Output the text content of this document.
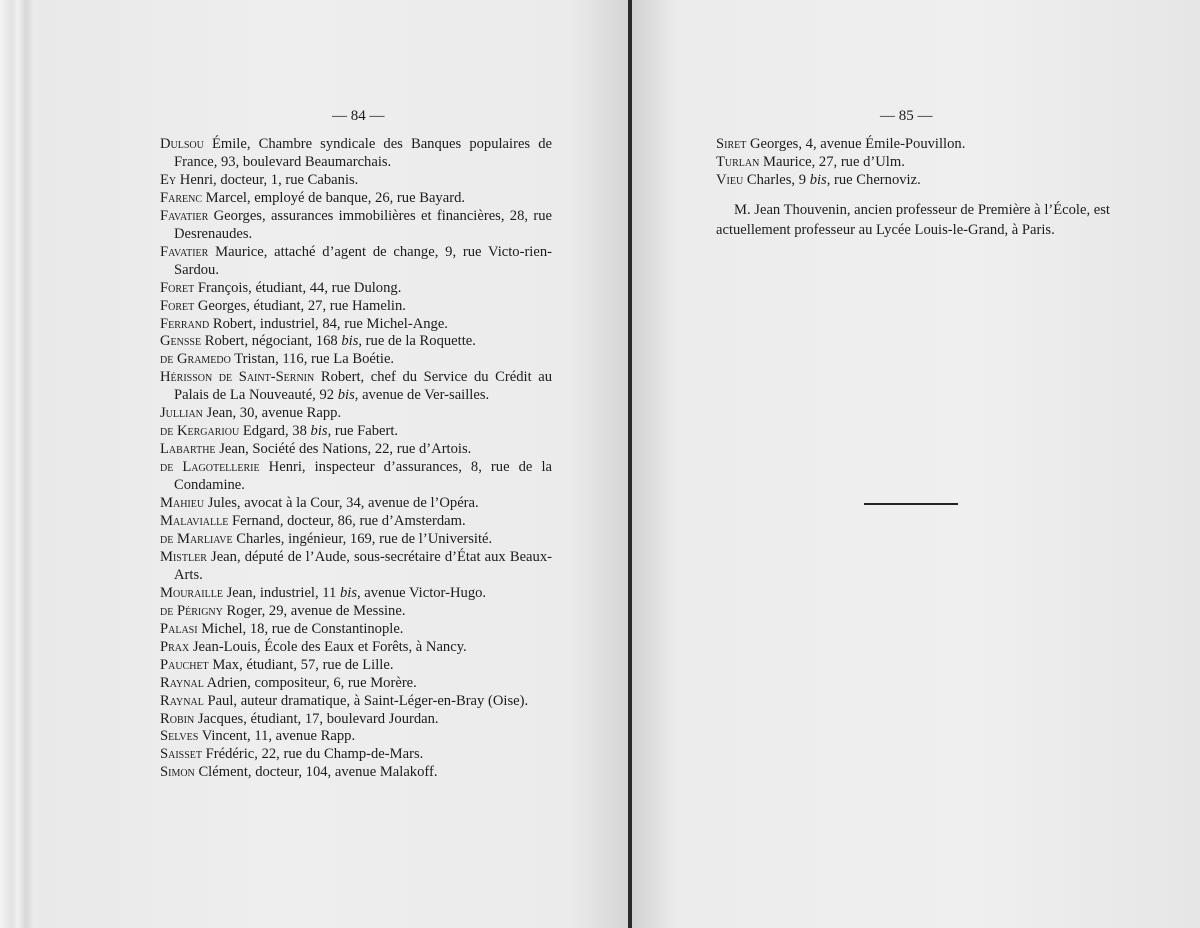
— 84 —
Dulsou Émile, Chambre syndicale des Banques populaires de France, 93, boulevard Beaumarchais.
Ey Henri, docteur, 1, rue Cabanis.
Farenc Marcel, employé de banque, 26, rue Bayard.
Favatier Georges, assurances immobilières et financières, 28, rue Desrenaudes.
Favatier Maurice, attaché d’agent de change, 9, rue Victo-rien-Sardou.
Foret François, étudiant, 44, rue Dulong.
Foret Georges, étudiant, 27, rue Hamelin.
Ferrand Robert, industriel, 84, rue Michel-Ange.
Gensse Robert, négociant, 168 bis, rue de la Roquette.
de Gramedo Tristan, 116, rue La Boétie.
Hérisson de Saint-Sernin Robert, chef du Service du Crédit au Palais de La Nouveauté, 92 bis, avenue de Ver-sailles.
Jullian Jean, 30, avenue Rapp.
de Kergariou Edgard, 38 bis, rue Fabert.
Labarthe Jean, Société des Nations, 22, rue d’Artois.
de Lagotellerie Henri, inspecteur d’assurances, 8, rue de la Condamine.
Mahieu Jules, avocat à la Cour, 34, avenue de l’Opéra.
Malavialle Fernand, docteur, 86, rue d’Amsterdam.
de Marliave Charles, ingénieur, 169, rue de l’Université.
Mistler Jean, député de l’Aude, sous-secrétaire d’État aux Beaux-Arts.
Mouraille Jean, industriel, 11 bis, avenue Victor-Hugo.
de Périgny Roger, 29, avenue de Messine.
Palasi Michel, 18, rue de Constantinople.
Prax Jean-Louis, École des Eaux et Forêts, à Nancy.
Pauchet Max, étudiant, 57, rue de Lille.
Raynal Adrien, compositeur, 6, rue Morère.
Raynal Paul, auteur dramatique, à Saint-Léger-en-Bray (Oise).
Robin Jacques, étudiant, 17, boulevard Jourdan.
Selves Vincent, 11, avenue Rapp.
Saisset Frédéric, 22, rue du Champ-de-Mars.
Simon Clément, docteur, 104, avenue Malakoff.
— 85 —
Siret Georges, 4, avenue Émile-Pouvillon.
Turlan Maurice, 27, rue d’Ulm.
Vieu Charles, 9 bis, rue Chernoviz.
M. Jean Thouvenin, ancien professeur de Première à l’École, est actuellement professeur au Lycée Louis-le-Grand, à Paris.
